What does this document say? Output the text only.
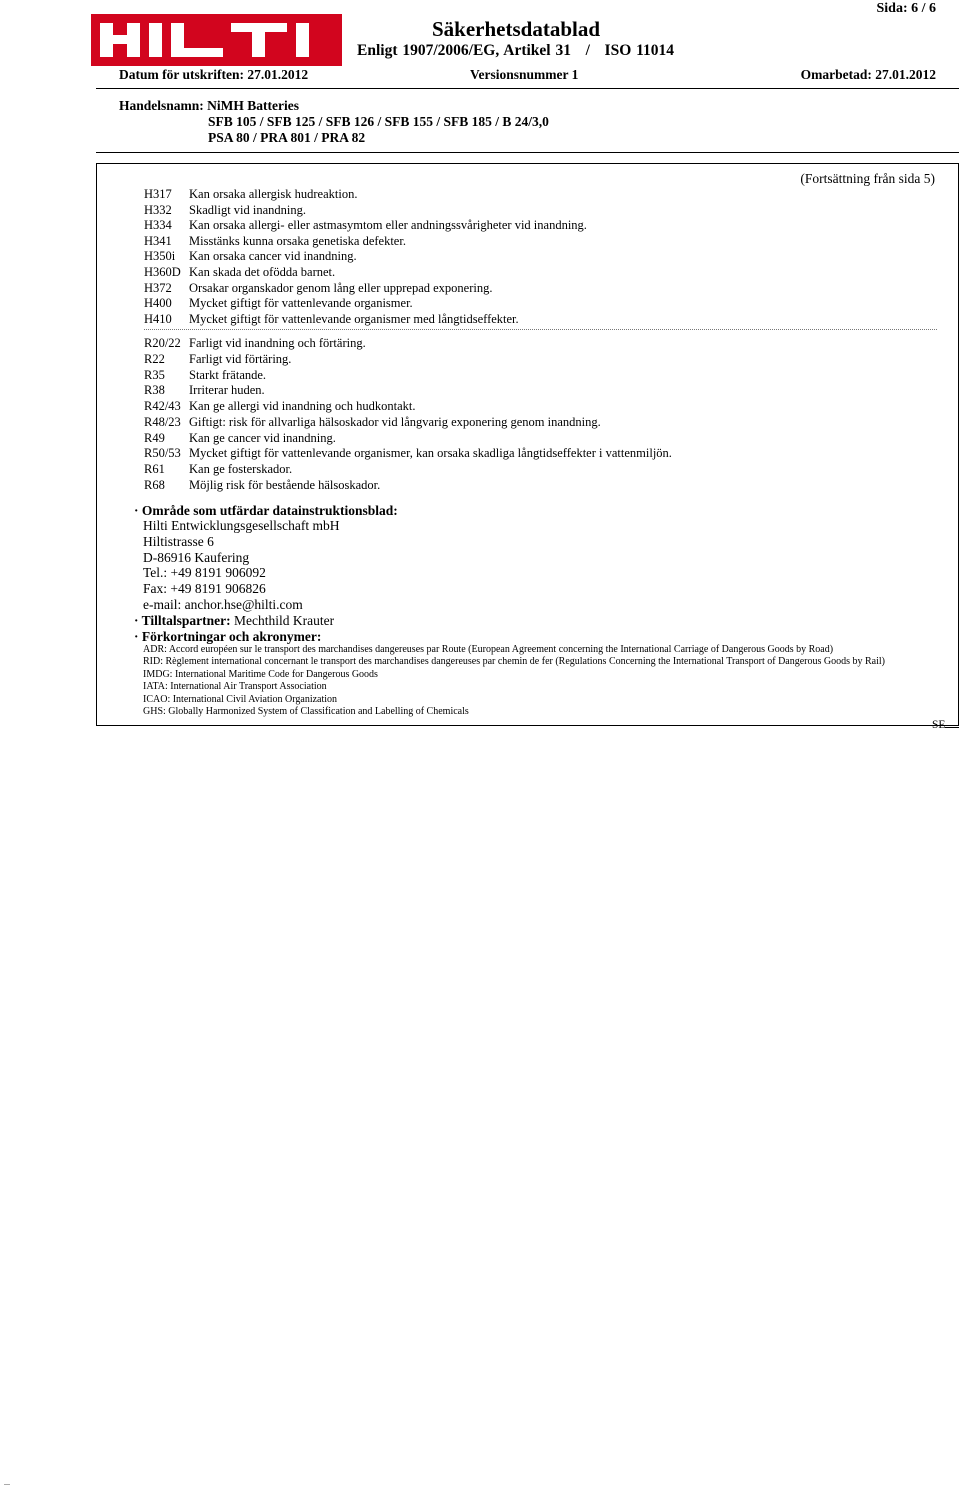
Sida: 6 / 6
Säkerhetsdatablad
Enligt 1907/2006/EG, Artikel 31   /   ISO 11014
Datum för utskriften: 27.01.2012	Versionsnummer 1	Omarbetad: 27.01.2012
Handelsnamn: NiMH Batteries
SFB 105 / SFB 125 / SFB 126 / SFB 155 / SFB 185 / B 24/3,0
PSA 80 / PRA 801 / PRA 82
(Fortsättning från sida 5)
H317 Kan orsaka allergisk hudreaktion.
H332 Skadligt vid inandning.
H334 Kan orsaka allergi- eller astmasymtom eller andningssvårigheter vid inandning.
H341 Misstänks kunna orsaka genetiska defekter.
H350i Kan orsaka cancer vid inandning.
H360D Kan skada det ofödda barnet.
H372 Orsakar organskador genom lång eller upprepad exponering.
H400 Mycket giftigt för vattenlevande organismer.
H410 Mycket giftigt för vattenlevande organismer med långtidseffekter.
R20/22 Farligt vid inandning och förtäring.
R22 Farligt vid förtäring.
R35 Starkt frätande.
R38 Irriterar huden.
R42/43 Kan ge allergi vid inandning och hudkontakt.
R48/23 Giftigt: risk för allvarliga hälsoskador vid långvarig exponering genom inandning.
R49 Kan ge cancer vid inandning.
R50/53 Mycket giftigt för vattenlevande organismer, kan orsaka skadliga långtidseffekter i vattenmiljön.
R61 Kan ge fosterskador.
R68 Möjlig risk för bestående hälsoskador.
· Område som utfärdar datainstruktionsblad:
Hilti Entwicklungsgesellschaft mbH
Hiltistrasse 6
D-86916 Kaufering
Tel.: +49 8191 906092
Fax: +49 8191 906826
e-mail: anchor.hse@hilti.com
· Tilltalspartner: Mechthild Krauter
· Förkortningar och akronymer:
ADR: Accord européen sur le transport des marchandises dangereuses par Route (European Agreement concerning the International Carriage of Dangerous Goods by Road)
RID: Règlement international concernant le transport des marchandises dangereuses par chemin de fer (Regulations Concerning the International Transport of Dangerous Goods by Rail)
IMDG: International Maritime Code for Dangerous Goods
IATA: International Air Transport Association
ICAO: International Civil Aviation Organization
GHS: Globally Harmonized System of Classification and Labelling of Chemicals
SE
